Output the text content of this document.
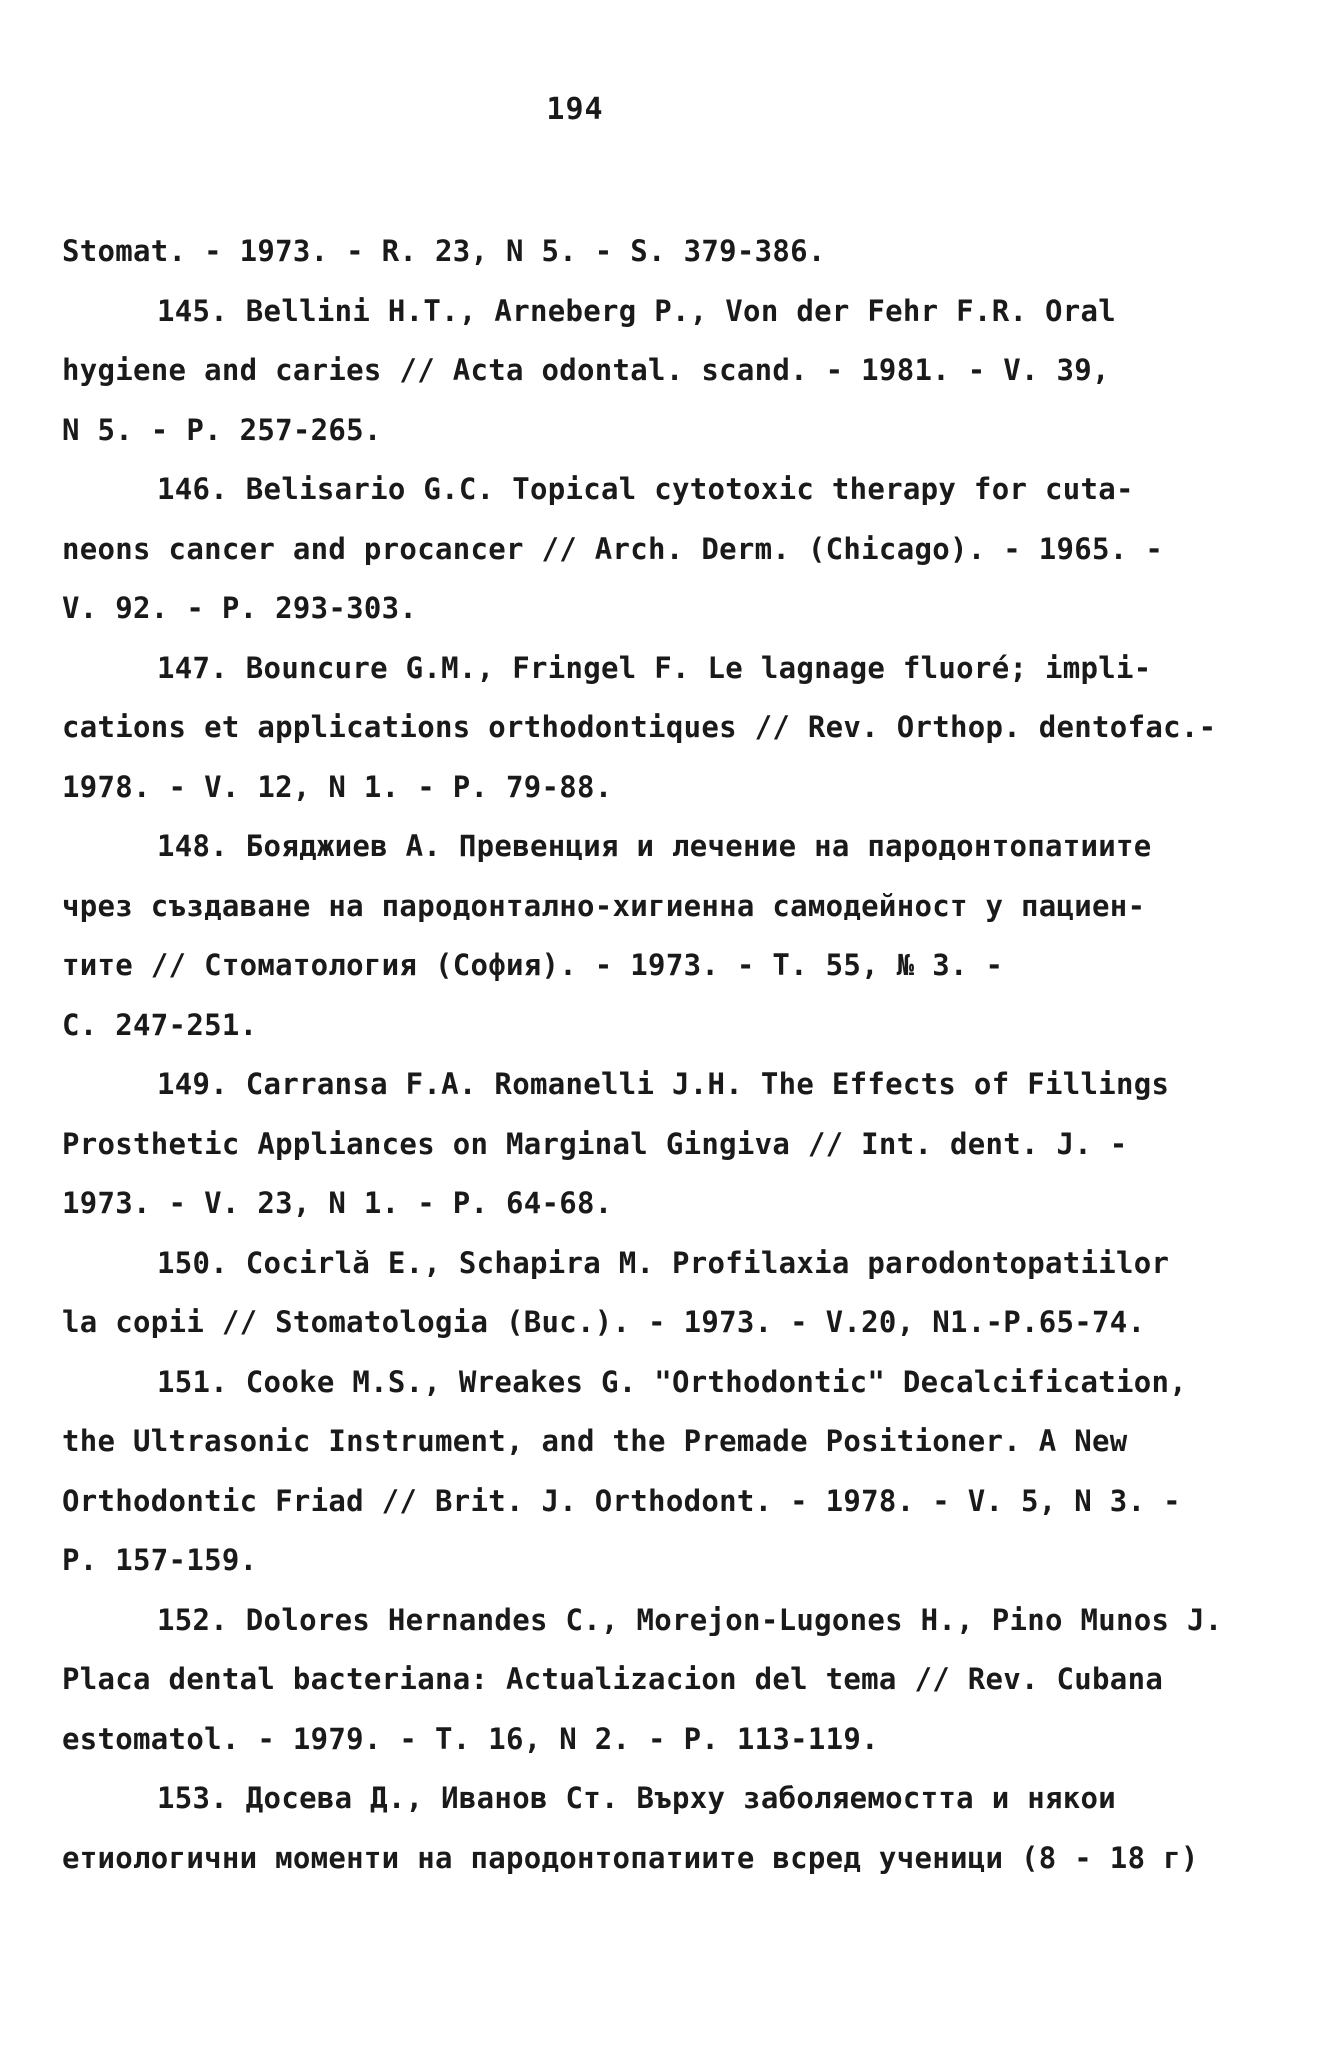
194
Stomat. - 1973. - R. 23, N 5. - S. 379-386.
145. Bellini H.T., Arneberg P., Von der Fehr F.R. Oral
hygiene and caries // Acta odontal. scand. - 1981. - V. 39,
N 5. - P. 257-265.
146. Belisario G.C. Topical cytotoxic therapy for cuta-
neons cancer and procancer // Arch. Derm. (Chicago). - 1965. -
V. 92. - P. 293-303.
147. Bouncure G.M., Fringel F. Le lagnage fluoré; impli-
cations et applications orthodontiques // Rev. Orthop. dentofac.-
1978. - V. 12, N 1. - P. 79-88.
148. Бояджиев А. Превенция и лечение на пародонтопатиите
чрез създаване на пародонтално-хигиенна самодейност у пациен-
тите // Стоматология (София). - 1973. - Т. 55, № 3. -
С. 247-251.
149. Carransa F.A. Romanelli J.H. The Effects of Fillings
Prosthetic Appliances on Marginal Gingiva // Int. dent. J. -
1973. - V. 23, N 1. - P. 64-68.
150. Cocirlă E., Schapira M. Profilaxia parodontopatiilor
la copii // Stomatologia (Buc.). - 1973. - V.20, N1.-P.65-74.
151. Cooke M.S., Wreakes G. "Orthodontic" Decalcification,
the Ultrasonic Instrument, and the Premade Positioner. A New
Orthodontic Friad // Brit. J. Orthodont. - 1978. - V. 5, N 3. -
P. 157-159.
152. Dolores Hernandes C., Morejon-Lugones H., Pino Munos J.
Placa dental bacteriana: Actualizacion del tema // Rev. Cubana
estomatol. - 1979. - T. 16, N 2. - P. 113-119.
153. Досева Д., Иванов Ст. Върху заболяемостта и някои
етиологични моменти на пародонтопатиите всред ученици (8 - 18 г)
